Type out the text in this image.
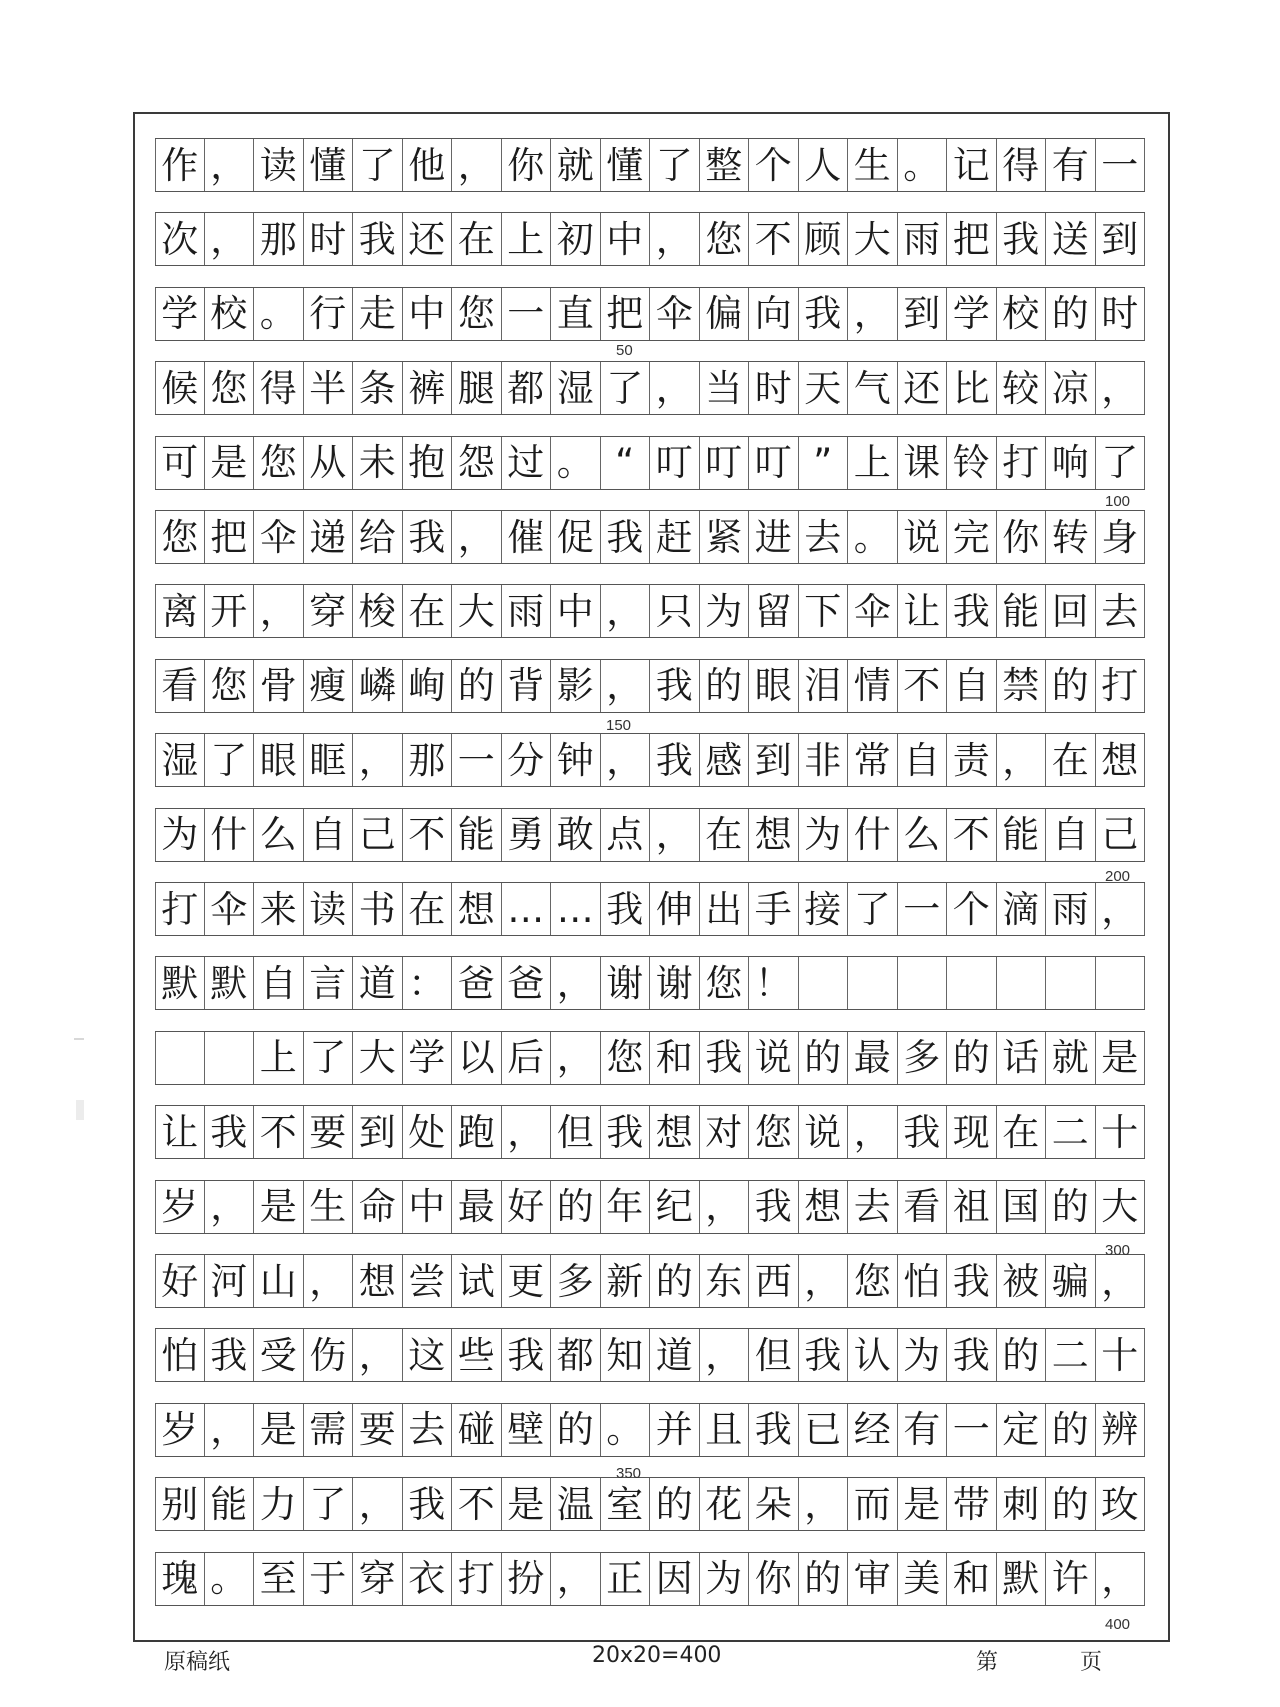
作 ， 读 懂 了 他 ， 你 就 懂 了 整 个 人 生 。 记 得 有 一
次 ， 那 时 我 还 在 上 初 中 ， 您 不 顾 大 雨 把 我 送 到
学 校 。 行 走 中 您 一 直 把 伞 偏 向 我 ， 到 学 校 的 时
候 您 得 半 条 裤 腿 都 湿 了 ， 当 时 天 气 还 比 较 凉 ，
可 是 您 从 未 抱 怨 过 。 “ 叮 叮 叮 ” 上 课 铃 打 响 了
您 把 伞 递 给 我 ， 催 促 我 赶 紧 进 去 。 说 完 你 转 身
离 开 ， 穿 梭 在 大 雨 中 ， 只 为 留 下 伞 让 我 能 回 去
看 您 骨 瘦 嶙 峋 的 背 影 ， 我 的 眼 泪 情 不 自 禁 的 打
湿 了 眼 眶 ， 那 一 分 钟 ， 我 感 到 非 常 自 责 ， 在 想
为 什 么 自 己 不 能 勇 敢 点 ， 在 想 为 什 么 不 能 自 己
打 伞 来 读 书 在 想 … … 我 伸 出 手 接 了 一 个 滴 雨 ，
默 默 自 言 道 ： 爸 爸 ， 谢 谢 您 ！

上 了 大 学 以 后 ， 您 和 我 说 的 最 多 的 话 就 是
让 我 不 要 到 处 跑 ， 但 我 想 对 您 说 ， 我 现 在 二 十
岁 ， 是 生 命 中 最 好 的 年 纪 ， 我 想 去 看 祖 国 的 大
好 河 山 ， 想 尝 试 更 多 新 的 东 西 ， 您 怕 我 被 骗 ，
怕 我 受 伤 ， 这 些 我 都 知 道 ， 但 我 认 为 我 的 二 十
岁 ， 是 需 要 去 碰 壁 的 。 并 且 我 已 经 有 一 定 的 辨
别 能 力 了 ， 我 不 是 温 室 的 花 朵 ， 而 是 带 刺 的 玫
瑰 。 至 于 穿 衣 打 扮 ， 正 因 为 你 的 审 美 和 默 许 ，
50
100
150
200
300
350
400
原稿纸	20x20=400	第	页
